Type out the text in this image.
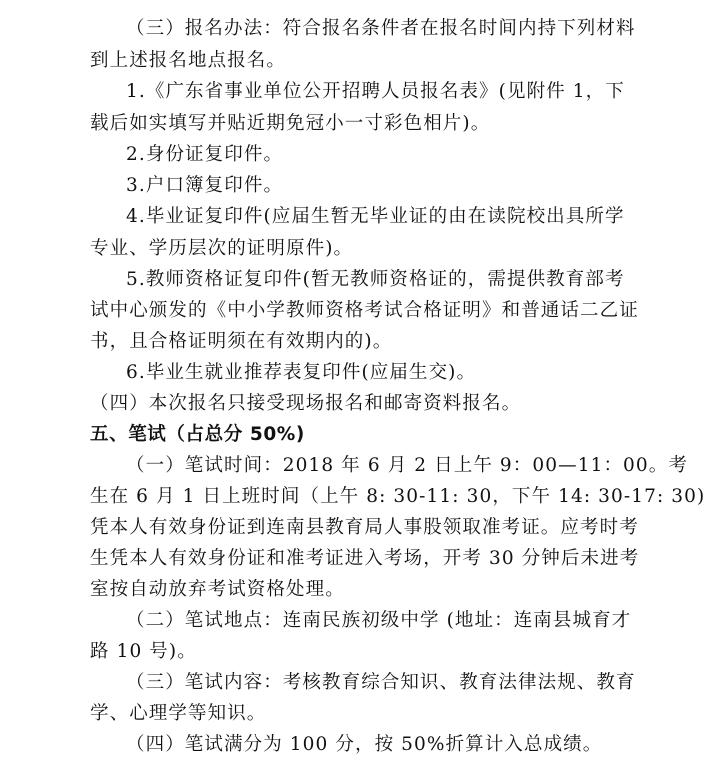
（三）报名办法：符合报名条件者在报名时间内持下列材料
到上述报名地点报名。
1.《广东省事业单位公开招聘人员报名表》(见附件 1，下
载后如实填写并贴近期免冠小一寸彩色相片)。
2.身份证复印件。
3.户口簿复印件。
4.毕业证复印件(应届生暂无毕业证的由在读院校出具所学
专业、学历层次的证明原件)。
5.教师资格证复印件(暂无教师资格证的，需提供教育部考
试中心颁发的《中小学教师资格考试合格证明》和普通话二乙证
书，且合格证明须在有效期内的)。
6.毕业生就业推荐表复印件(应届生交)。
（四）本次报名只接受现场报名和邮寄资料报名。
五、笔试（占总分 50%)
（一）笔试时间：2018 年 6 月 2 日上午 9：00—11：00。考
生在 6 月 1 日上班时间（上午 8: 30-11: 30，下午 14: 30-17: 30)
凭本人有效身份证到连南县教育局人事股领取准考证。应考时考
生凭本人有效身份证和准考证进入考场，开考 30 分钟后未进考
室按自动放弃考试资格处理。
（二）笔试地点：连南民族初级中学 (地址：连南县城育才
路 10 号)。
（三）笔试内容：考核教育综合知识、教育法律法规、教育
学、心理学等知识。
（四）笔试满分为 100 分，按 50%折算计入总成绩。
